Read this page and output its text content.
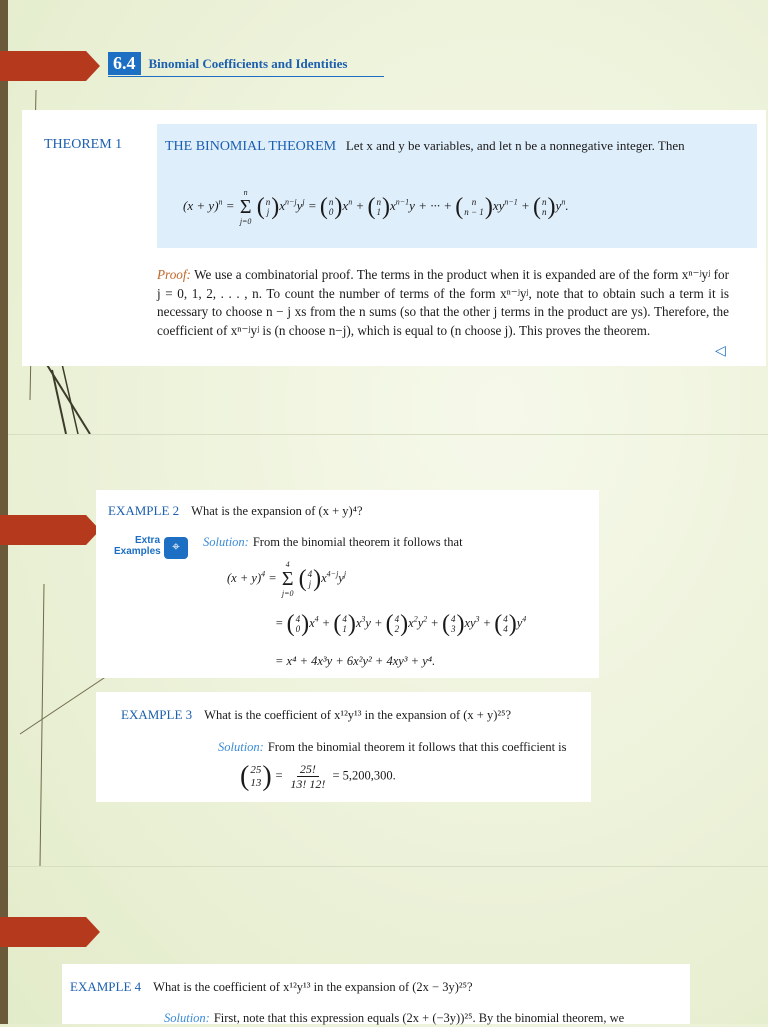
6.4	Binomial Coefficients and Identities
THEOREM 1	THE BINOMIAL THEOREM Let x and y be variables, and let n be a nonnegative integer. Then
$(x + y)^n$ =
n
Σ
j=0

( n
j ) $x^{n-j}y^j$ = ( n
0 ) $x^n$ + ( n
1 ) $x^{n-1}y$ + ··· + ( n
n − 1 ) $xy^{n-1}$ + ( n
n ) $y^n$.
Proof: We use a combinatorial proof. The terms in the product when it is expanded are of the form xⁿ⁻ʲyʲ for j = 0, 1, 2, . . . , n. To count the number of terms of the form xⁿ⁻ʲyʲ, note that to obtain such a term it is necessary to choose n − j xs from the n sums (so that the other j terms in the product are ys). Therefore, the coefficient of xⁿ⁻ʲyʲ is (n choose n−j), which is equal to (n choose j). This proves the theorem.
◁
EXAMPLE 2 What is the expansion of (x + y)⁴?
Extra
Examples ⌖	Solution: From the binomial theorem it follows that
$(x + y)^4$ =
4
Σ
j=0

( 4
j ) $x^{4-j}y^j$
= ( 4
0 ) $x^4$ + ( 4
1 ) $x^3y$ + ( 4
2 ) $x^2y^2$ + ( 4
3 ) $xy^3$ + ( 4
4 ) $y^4$
= x⁴ + 4x³y + 6x²y² + 4xy³ + y⁴.
EXAMPLE 3 What is the coefficient of x¹²y¹³ in the expansion of (x + y)²⁵?
Solution: From the binomial theorem it follows that this coefficient is
( 25
13 ) = $\frac{25!}{13! 12!} = 5,200,300$.
EXAMPLE 4 What is the coefficient of x¹²y¹³ in the expansion of (2x − 3y)²⁵?
Solution: First, note that this expression equals (2x + (−3y))²⁵. By the binomial theorem, we
